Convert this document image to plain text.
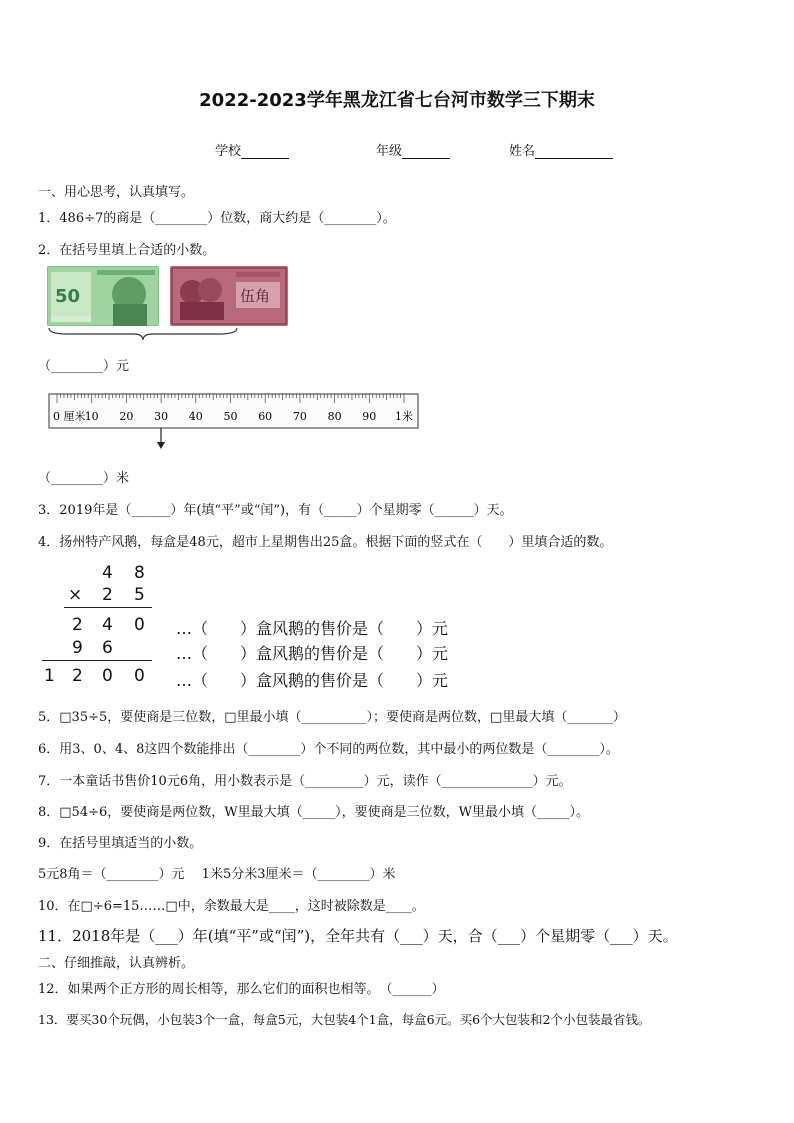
2022-2023学年黑龙江省七台河市数学三下期末
学校	年级	姓名
一、用心思考，认真填写。
1．486÷7的商是（________）位数，商大约是（________）。
2．在括号里填上合适的小数。
50	伍角
（________）元
0 厘米 10 20 30 40 50 60 70 80 90 1米
（________）米
3．2019年是（______）年(填“平”或“闰”)，有（_____）个星期零（______）天。
4．扬州特产风鹅，每盒是48元，超市上星期售出25盒。根据下面的竖式在（　　）里填合适的数。
4 8
× 2 5
2 4 0
9 6
1 2 0 0
…（　　）盒风鹅的售价是（　　）元
…（　　）盒风鹅的售价是（　　）元
…（　　）盒风鹅的售价是（　　）元
5．□35÷5，要使商是三位数，□里最小填（__________）；要使商是两位数，□里最大填（_______）
6．用3、0、4、8这四个数能排出（________）个不同的两位数，其中最小的两位数是（________）。
7．一本童话书售价10元6角，用小数表示是（_________）元，读作（______________）元。
8．□54÷6，要使商是两位数，W里最大填（_____），要使商是三位数，W里最小填（_____）。
9．在括号里填适当的小数。
5元8角＝（________）元　 1米5分米3厘米＝（________）米
10．在□÷6=15……□中，余数最大是____，这时被除数是____。
11．2018年是（___）年(填“平”或“闰”)，全年共有（___）天，合（___）个星期零（___）天。
二、仔细推敲，认真辨析。
12．如果两个正方形的周长相等，那么它们的面积也相等。　（______）
13．要买30个玩偶，小包装3个一盒，每盒5元，大包装4个1盒，每盒6元。买6个大包装和2个小包装最省钱。
